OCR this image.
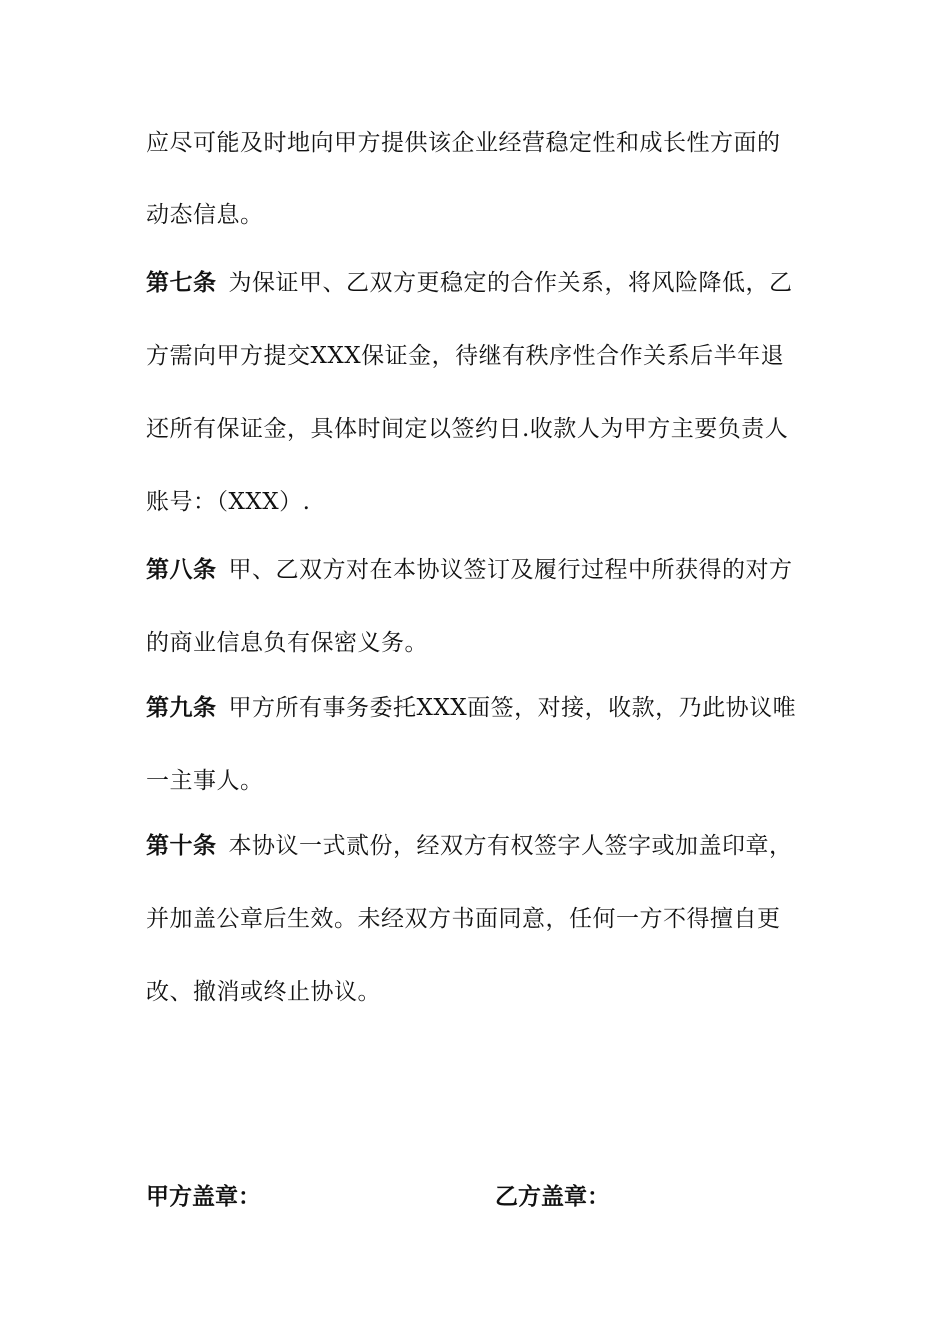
应尽可能及时地向甲方提供该企业经营稳定性和成长性方面的
动态信息。
第七条 为保证甲、乙双方更稳定的合作关系，将风险降低，乙
方需向甲方提交XXX保证金，待继有秩序性合作关系后半年退
还所有保证金，具体时间定以签约日.收款人为甲方主要负责人
账号：（XXX）.
第八条 甲、乙双方对在本协议签订及履行过程中所获得的对方
的商业信息负有保密义务。
第九条 甲方所有事务委托XXX面签，对接，收款，乃此协议唯
一主事人。
第十条 本协议一式贰份，经双方有权签字人签字或加盖印章，
并加盖公章后生效。未经双方书面同意，任何一方不得擅自更
改、撤消或终止协议。
甲方盖章：	乙方盖章：
